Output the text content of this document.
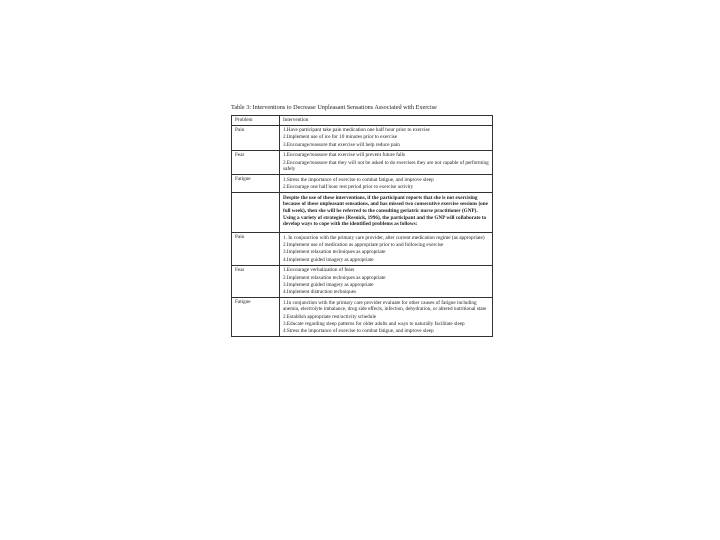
Table 3: Interventions to Decrease Unpleasant Sensations Associated with Exercise
Problem	Intervention
Pain	1.Have participant take pain medication one half hour prior to exercise
2.Implement use of ice for 10 minutes prior to exercise
3.Encourage/reassure that exercise will help reduce pain

Fear	1.Encourage/reassure that exercise will prevent future falls
2.Encourage/reassure that they will not be asked to do exercises they are not capable of performing safely

Fatigue	1.Stress the importance of exercise to combat fatigue, and improve sleep
2.Encourage one half hour rest period prior to exercise activity

	Despite the use of these interventions, if the participant reports that she is not exercising because of these unpleasant sensations, and has missed two consecutive exercise sessions (one full week), then she will be referred to the consulting geriatric nurse practitioner (GNP). Using a variety of strategies (Resnick, 1996), the participant and the GNP will collaborate to develop ways to cope with the identified problems as follows:

Pain	1. In conjunction with the primary care provider, alter current medication regime (as appropriate)
2.Implement use of medication as appropriate prior to and following exercise
3.Implement relaxation techniques as appropriate
4.Implement guided imagery as appropriate

Fear	1.Encourage verbalization of fears
2.Implement relaxation techniques as appropriate
3.Implement guided imagery as appropriate
4.Implement distraction techniques

Fatigue	1.In conjunction with the primary care provider evaluate for other causes of fatigue including anemia, electrolyte imbalance, drug side effects, infection, dehydration, or altered nutritional state
2.Establish appropriate rest/activity schedule
3.Educate regarding sleep patterns for older adults and ways to naturally facilitate sleep
4.Stress the importance of exercise to combat fatigue, and improve sleep
